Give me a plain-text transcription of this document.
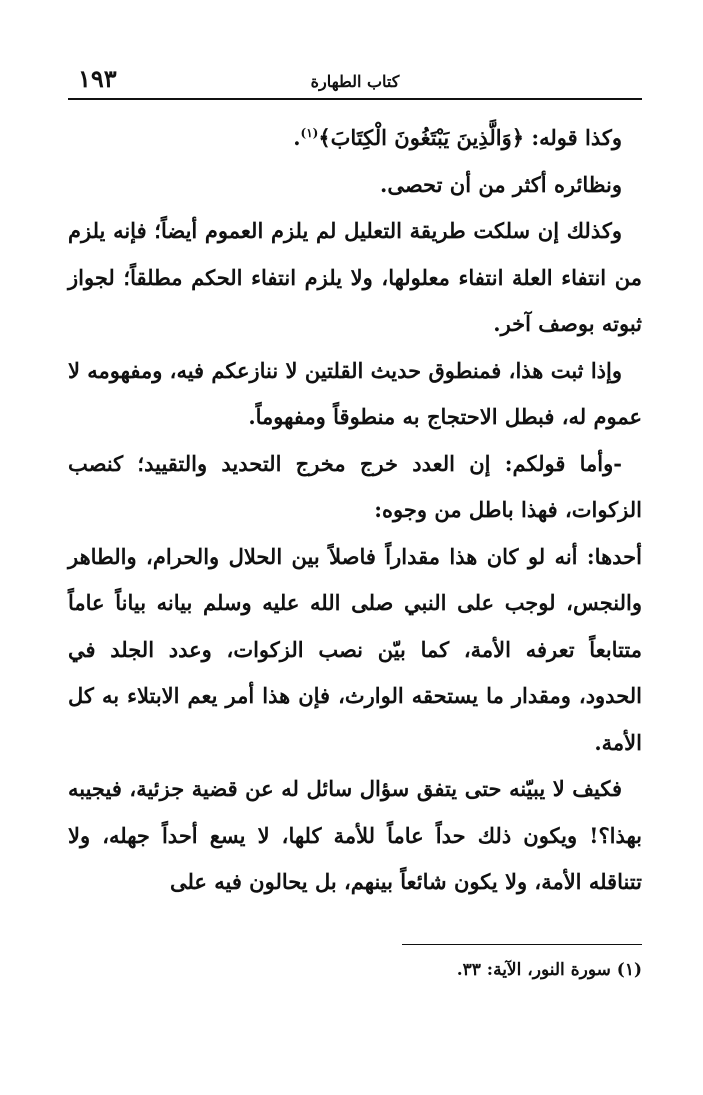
كتاب الطهارة
١٩٣

وكذا قوله: ﴿وَالَّذِينَ يَبْتَغُونَ الْكِتَابَ﴾$^{(١)}$.

ونظائره أكثر من أن تحصى.

وكذلك إن سلكت طريقة التعليل لم يلزم العموم أيضاً؛ فإنه يلزم من انتفاء العلة انتفاء معلولها، ولا يلزم انتفاء الحكم مطلقاً؛ لجواز ثبوته بوصف آخر.

وإذا ثبت هذا، فمنطوق حديث القلتين لا ننازعكم فيه، ومفهومه لا عموم له، فبطل الاحتجاج به منطوقاً ومفهوماً.

-وأما قولكم: إن العدد خرج مخرج التحديد والتقييد؛ كنصب الزكوات، فهذا باطل من وجوه:

أحدها: أنه لو كان هذا مقداراً فاصلاً بين الحلال والحرام، والطاهر والنجس، لوجب على النبي صلى الله عليه وسلم بيانه بياناً عاماً متتابعاً تعرفه الأمة، كما بيّن نصب الزكوات، وعدد الجلد في الحدود، ومقدار ما يستحقه الوارث، فإن هذا أمر يعم الابتلاء به كل الأمة.

فكيف لا يبيّنه حتى يتفق سؤال سائل له عن قضية جزئية، فيجيبه بهذا؟! ويكون ذلك حداً عاماً للأمة كلها، لا يسع أحداً جهله، ولا تتناقله الأمة، ولا يكون شائعاً بينهم، بل يحالون فيه على

(١) سورة النور، الآية: ٣٣.
